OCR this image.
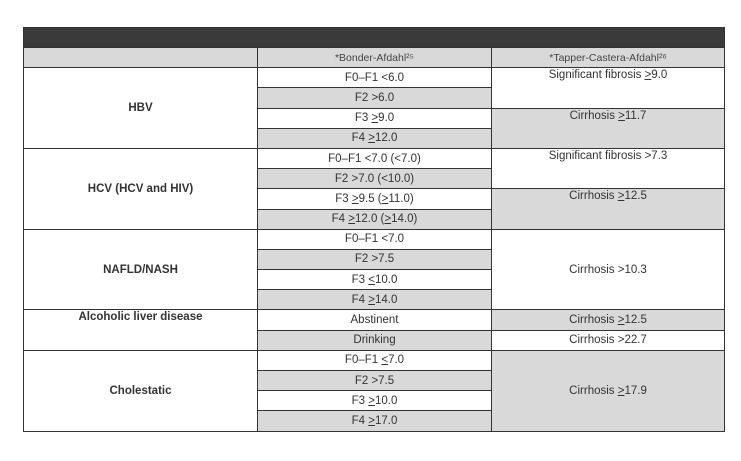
	*Bonder-Afdahl²⁵	*Tapper-Castera-Afdahl²⁶
HBV	F0–F1 <6.0	Significant fibrosis >9.0
	F2 >6.0	
	F3 >9.0	Cirrhosis >11.7
	F4 >12.0	
HCV (HCV and HIV)	F0–F1 <7.0 (<7.0)	Significant fibrosis >7.3
	F2 >7.0 (<10.0)	
	F3 >9.5 (>11.0)	Cirrhosis >12.5
	F4 >12.0 (>14.0)	
NAFLD/NASH	F0–F1 <7.0	Cirrhosis >10.3
	F2 >7.5	
	F3 <10.0	
	F4 >14.0	
Alcoholic liver disease	Abstinent	Cirrhosis >12.5
	Drinking	Cirrhosis >22.7
Cholestatic	F0–F1 <7.0	Cirrhosis >17.9
	F2 >7.5	
	F3 >10.0	
	F4 >17.0	
